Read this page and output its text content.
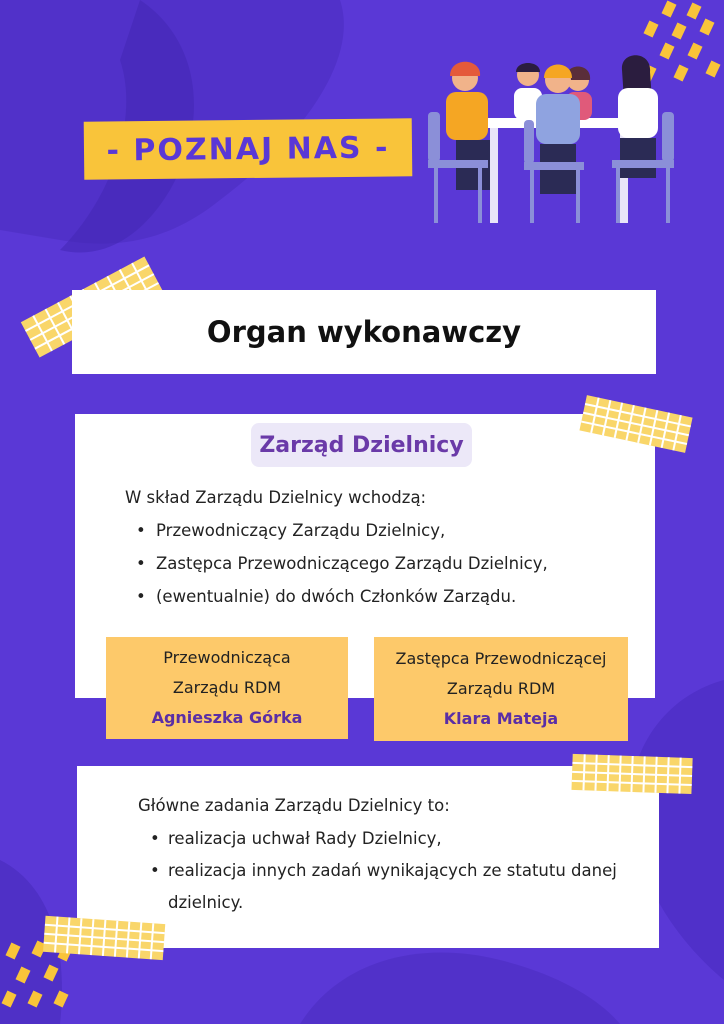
- POZNAJ NAS -
Organ wykonawczy
Zarząd Dzielnicy
W skład Zarządu Dzielnicy wchodzą:
• Przewodniczący Zarządu Dzielnicy,
• Zastępca Przewodniczącego Zarządu Dzielnicy,
• (ewentualnie) do dwóch Członków Zarządu.
Przewodnicząca
Zarządu RDM
Agnieszka Górka
Zastępca Przewodniczącej
Zarządu RDM
Klara Mateja
Główne zadania Zarządu Dzielnicy to:
• realizacja uchwał Rady Dzielnicy,
• realizacja innych zadań wynikających ze statutu danej dzielnicy.
